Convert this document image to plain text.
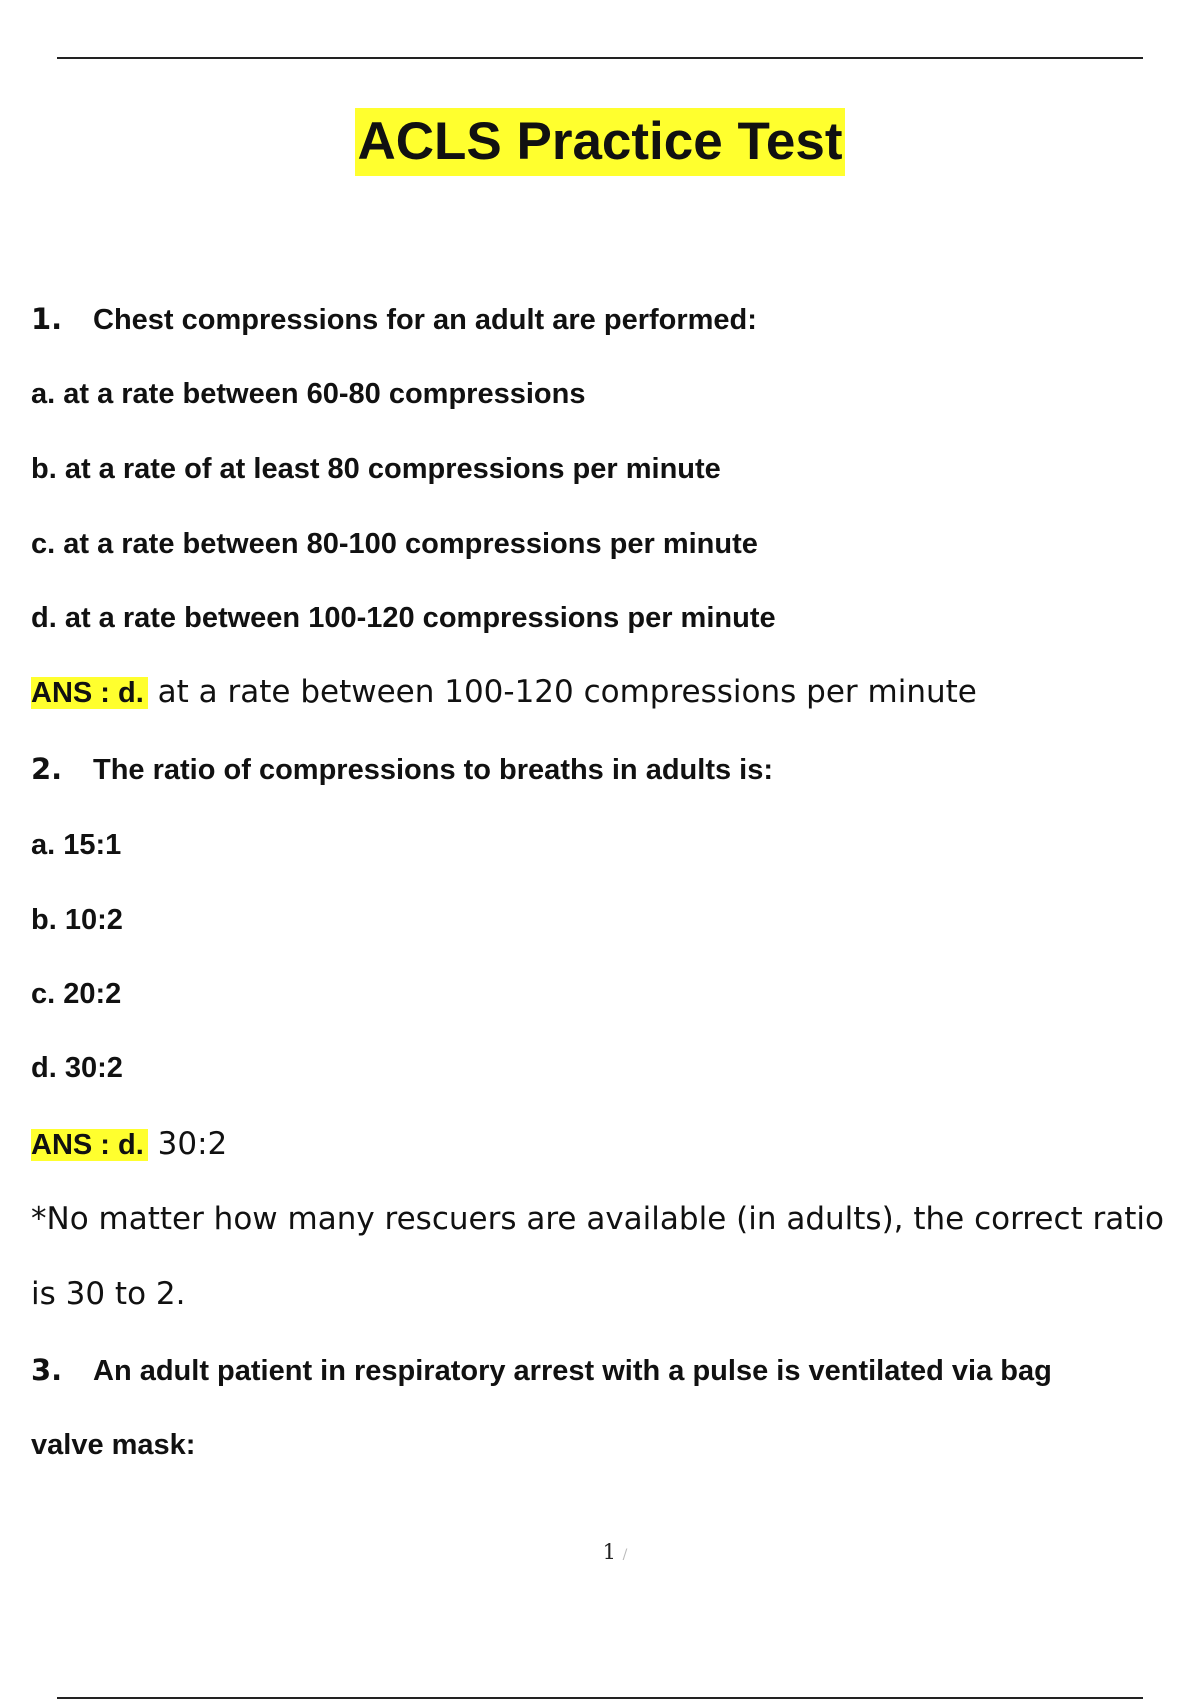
ACLS Practice Test
1. Chest compressions for an adult are performed:
a. at a rate between 60-80 compressions
b. at a rate of at least 80 compressions per minute
c. at a rate between 80-100 compressions per minute
d. at a rate between 100-120 compressions per minute
ANS : d. at a rate between 100-120 compressions per minute
2. The ratio of compressions to breaths in adults is:
a. 15:1
b. 10:2
c. 20:2
d. 30:2
ANS : d. 30:2
*No matter how many rescuers are available (in adults), the correct ratio
is 30 to 2.
3. An adult patient in respiratory arrest with a pulse is ventilated via bag
valve mask:
1 /
